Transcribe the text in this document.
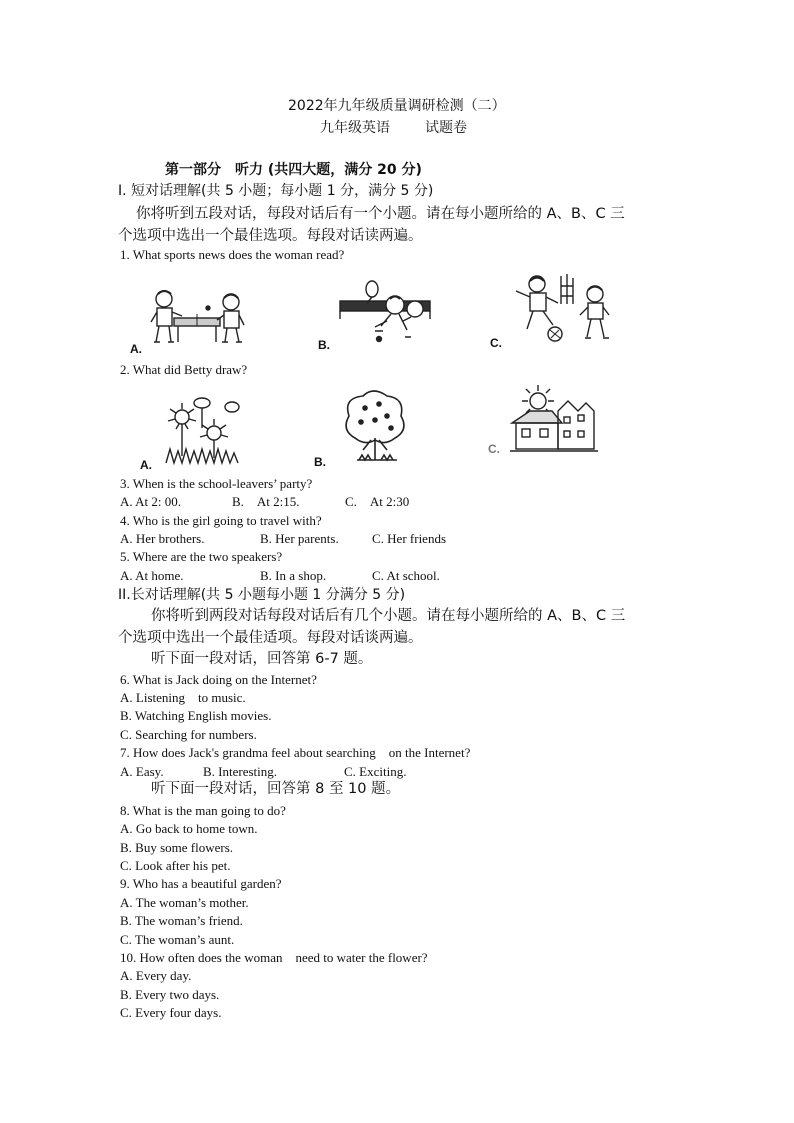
2022年九年级质量调研检测（二）
九年级英语	试题卷
第一部分　听力 (共四大题，满分 20 分)
I. 短对话理解(共 5 小题；每小题 1 分，满分 5 分)
你将听到五段对话，每段对话后有一个小题。请在每小题所给的 A、B、C 三
个选项中选出一个最佳选项。每段对话读两遍。
1. What sports news does the woman read?
A.	B.	C.
2. What did Betty draw?
A.	B.
C.
3. When is the school-leavers’ party?
A. At 2: 00.	B.　At 2:15.	C.　At 2:30
4. Who is the girl going to travel with?
A. Her brothers.	B. Her parents.	C. Her friends
5. Where are the two speakers?
A. At home.	B. In a shop.	C. At school.
II.长对话理解(共 5 小题每小题 1 分满分 5 分)
你将听到两段对话每段对话后有几个小题。请在每小题所给的 A、B、C 三
个选项中选出一个最佳适项。每段对话谈两遍。
听下面一段对话，回答第 6-7 题。
6. What is Jack doing on the Internet?
A. Listening　to music.
B. Watching English movies.
C. Searching for numbers.
7. How does Jack's grandma feel about searching　on the Internet?
A. Easy.	B. Interesting.	C. Exciting.
听下面一段对话，回答第 8 至 10 题。
8. What is the man going to do?
A. Go back to home town.
B. Buy some flowers.
C. Look after his pet.
9. Who has a beautiful garden?
A. The woman’s mother.
B. The woman’s friend.
C. The woman’s aunt.
10. How often does the woman　need to water the flower?
A. Every day.
B. Every two days.
C. Every four days.
